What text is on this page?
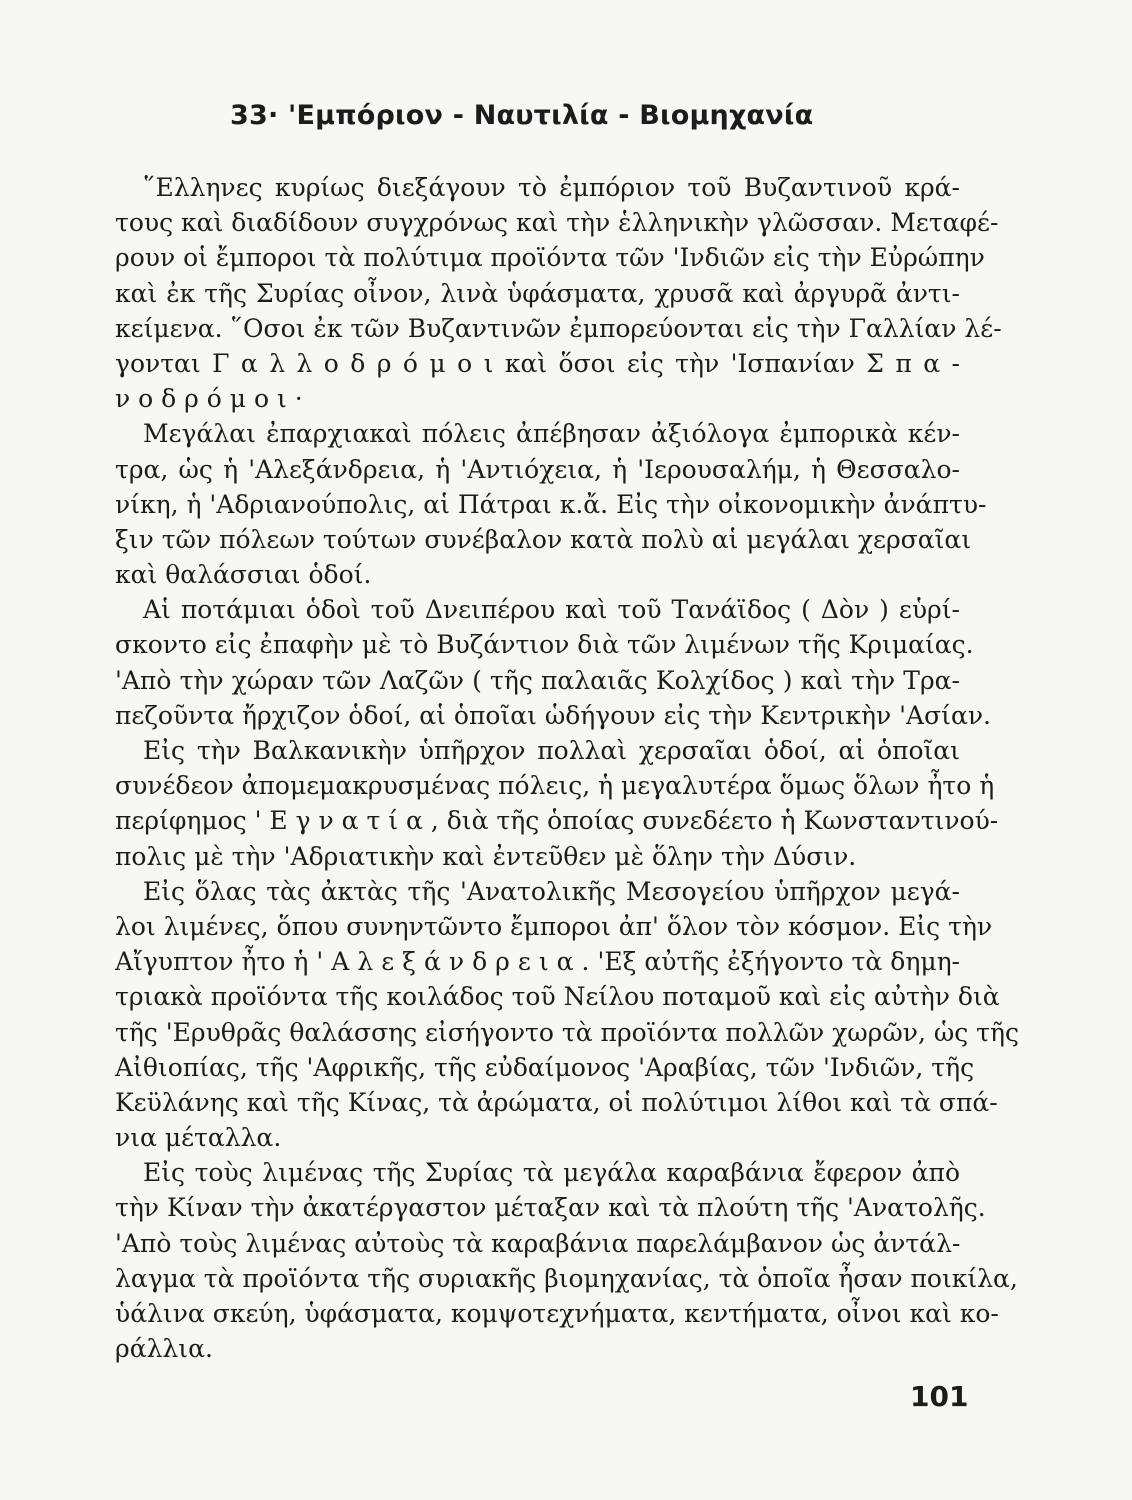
33· 'Εμπόριον - Ναυτιλία - Βιομηχανία
῞Ελληνες κυρίως διεξάγουν τὸ ἐμπόριον τοῦ Βυζαντινοῦ κρά-
τους καὶ διαδίδουν συγχρόνως καὶ τὴν ἑλληνικὴν γλῶσσαν. Μεταφέ-
ρουν οἱ ἔμποροι τὰ πολύτιμα προϊόντα τῶν 'Ινδιῶν εἰς τὴν Εὐρώπην
καὶ ἐκ τῆς Συρίας οἶνον, λινὰ ὑφάσματα, χρυσᾶ καὶ ἀργυρᾶ ἀντι-
κείμενα. ῞Οσοι ἐκ τῶν Βυζαντινῶν ἐμπορεύονται εἰς τὴν Γαλλίαν λέ-
γονται Γ α λ λ ο δ ρ ό μ ο ι καὶ ὅσοι εἰς τὴν 'Ισπανίαν Σ π α -
ν ο δ ρ ό μ ο ι ·
Μεγάλαι ἐπαρχιακαὶ πόλεις ἀπέβησαν ἀξιόλογα ἐμπορικὰ κέν-
τρα, ὡς ἡ 'Αλεξάνδρεια, ἡ 'Αντιόχεια, ἡ 'Ιερουσαλήμ, ἡ Θεσσαλο-
νίκη, ἡ 'Αδριανούπολις, αἱ Πάτραι κ.ἄ. Εἰς τὴν οἰκονομικὴν ἀνάπτυ-
ξιν τῶν πόλεων τούτων συνέβαλον κατὰ πολὺ αἱ μεγάλαι χερσαῖαι
καὶ θαλάσσιαι ὁδοί.
Αἱ ποτάμιαι ὁδοὶ τοῦ Δνειπέρου καὶ τοῦ Τανάϊδος ( Δὸν ) εὑρί-
σκοντο εἰς ἐπαφὴν μὲ τὸ Βυζάντιον διὰ τῶν λιμένων τῆς Κριμαίας.
'Απὸ τὴν χώραν τῶν Λαζῶν ( τῆς παλαιᾶς Κολχίδος ) καὶ τὴν Τρα-
πεζοῦντα ἤρχιζον ὁδοί, αἱ ὁποῖαι ὡδήγουν εἰς τὴν Κεντρικὴν 'Ασίαν.
Εἰς τὴν Βαλκανικὴν ὑπῆρχον πολλαὶ χερσαῖαι ὁδοί, αἱ ὁποῖαι
συνέδεον ἀπομεμακρυσμένας πόλεις, ἡ μεγαλυτέρα ὅμως ὅλων ἦτο ἡ
περίφημος ' Ε γ ν α τ ί α , διὰ τῆς ὁποίας συνεδέετο ἡ Κωνσταντινού-
πολις μὲ τὴν 'Αδριατικὴν καὶ ἐντεῦθεν μὲ ὅλην τὴν Δύσιν.
Εἰς ὅλας τὰς ἀκτὰς τῆς 'Ανατολικῆς Μεσογείου ὑπῆρχον μεγά-
λοι λιμένες, ὅπου συνηντῶντο ἔμποροι ἀπ' ὅλον τὸν κόσμον. Εἰς τὴν
Αἴγυπτον ἦτο ἡ ' Α λ ε ξ ά ν δ ρ ε ι α . 'Εξ αὐτῆς ἐξήγοντο τὰ δημη-
τριακὰ προϊόντα τῆς κοιλάδος τοῦ Νείλου ποταμοῦ καὶ εἰς αὐτὴν διὰ
τῆς 'Ερυθρᾶς θαλάσσης εἰσήγοντο τὰ προϊόντα πολλῶν χωρῶν, ὡς τῆς
Αἰθιοπίας, τῆς 'Αφρικῆς, τῆς εὐδαίμονος 'Αραβίας, τῶν 'Ινδιῶν, τῆς
Κεϋλάνης καὶ τῆς Κίνας, τὰ ἀρώματα, οἱ πολύτιμοι λίθοι καὶ τὰ σπά-
νια μέταλλα.
Εἰς τοὺς λιμένας τῆς Συρίας τὰ μεγάλα καραβάνια ἔφερον ἀπὸ
τὴν Κίναν τὴν ἀκατέργαστον μέταξαν καὶ τὰ πλούτη τῆς 'Ανατολῆς.
'Απὸ τοὺς λιμένας αὐτοὺς τὰ καραβάνια παρελάμβανον ὡς ἀντάλ-
λαγμα τὰ προϊόντα τῆς συριακῆς βιομηχανίας, τὰ ὁποῖα ἦσαν ποικίλα,
ὑάλινα σκεύη, ὑφάσματα, κομψοτεχνήματα, κεντήματα, οἶνοι καὶ κο-
ράλλια.
101
